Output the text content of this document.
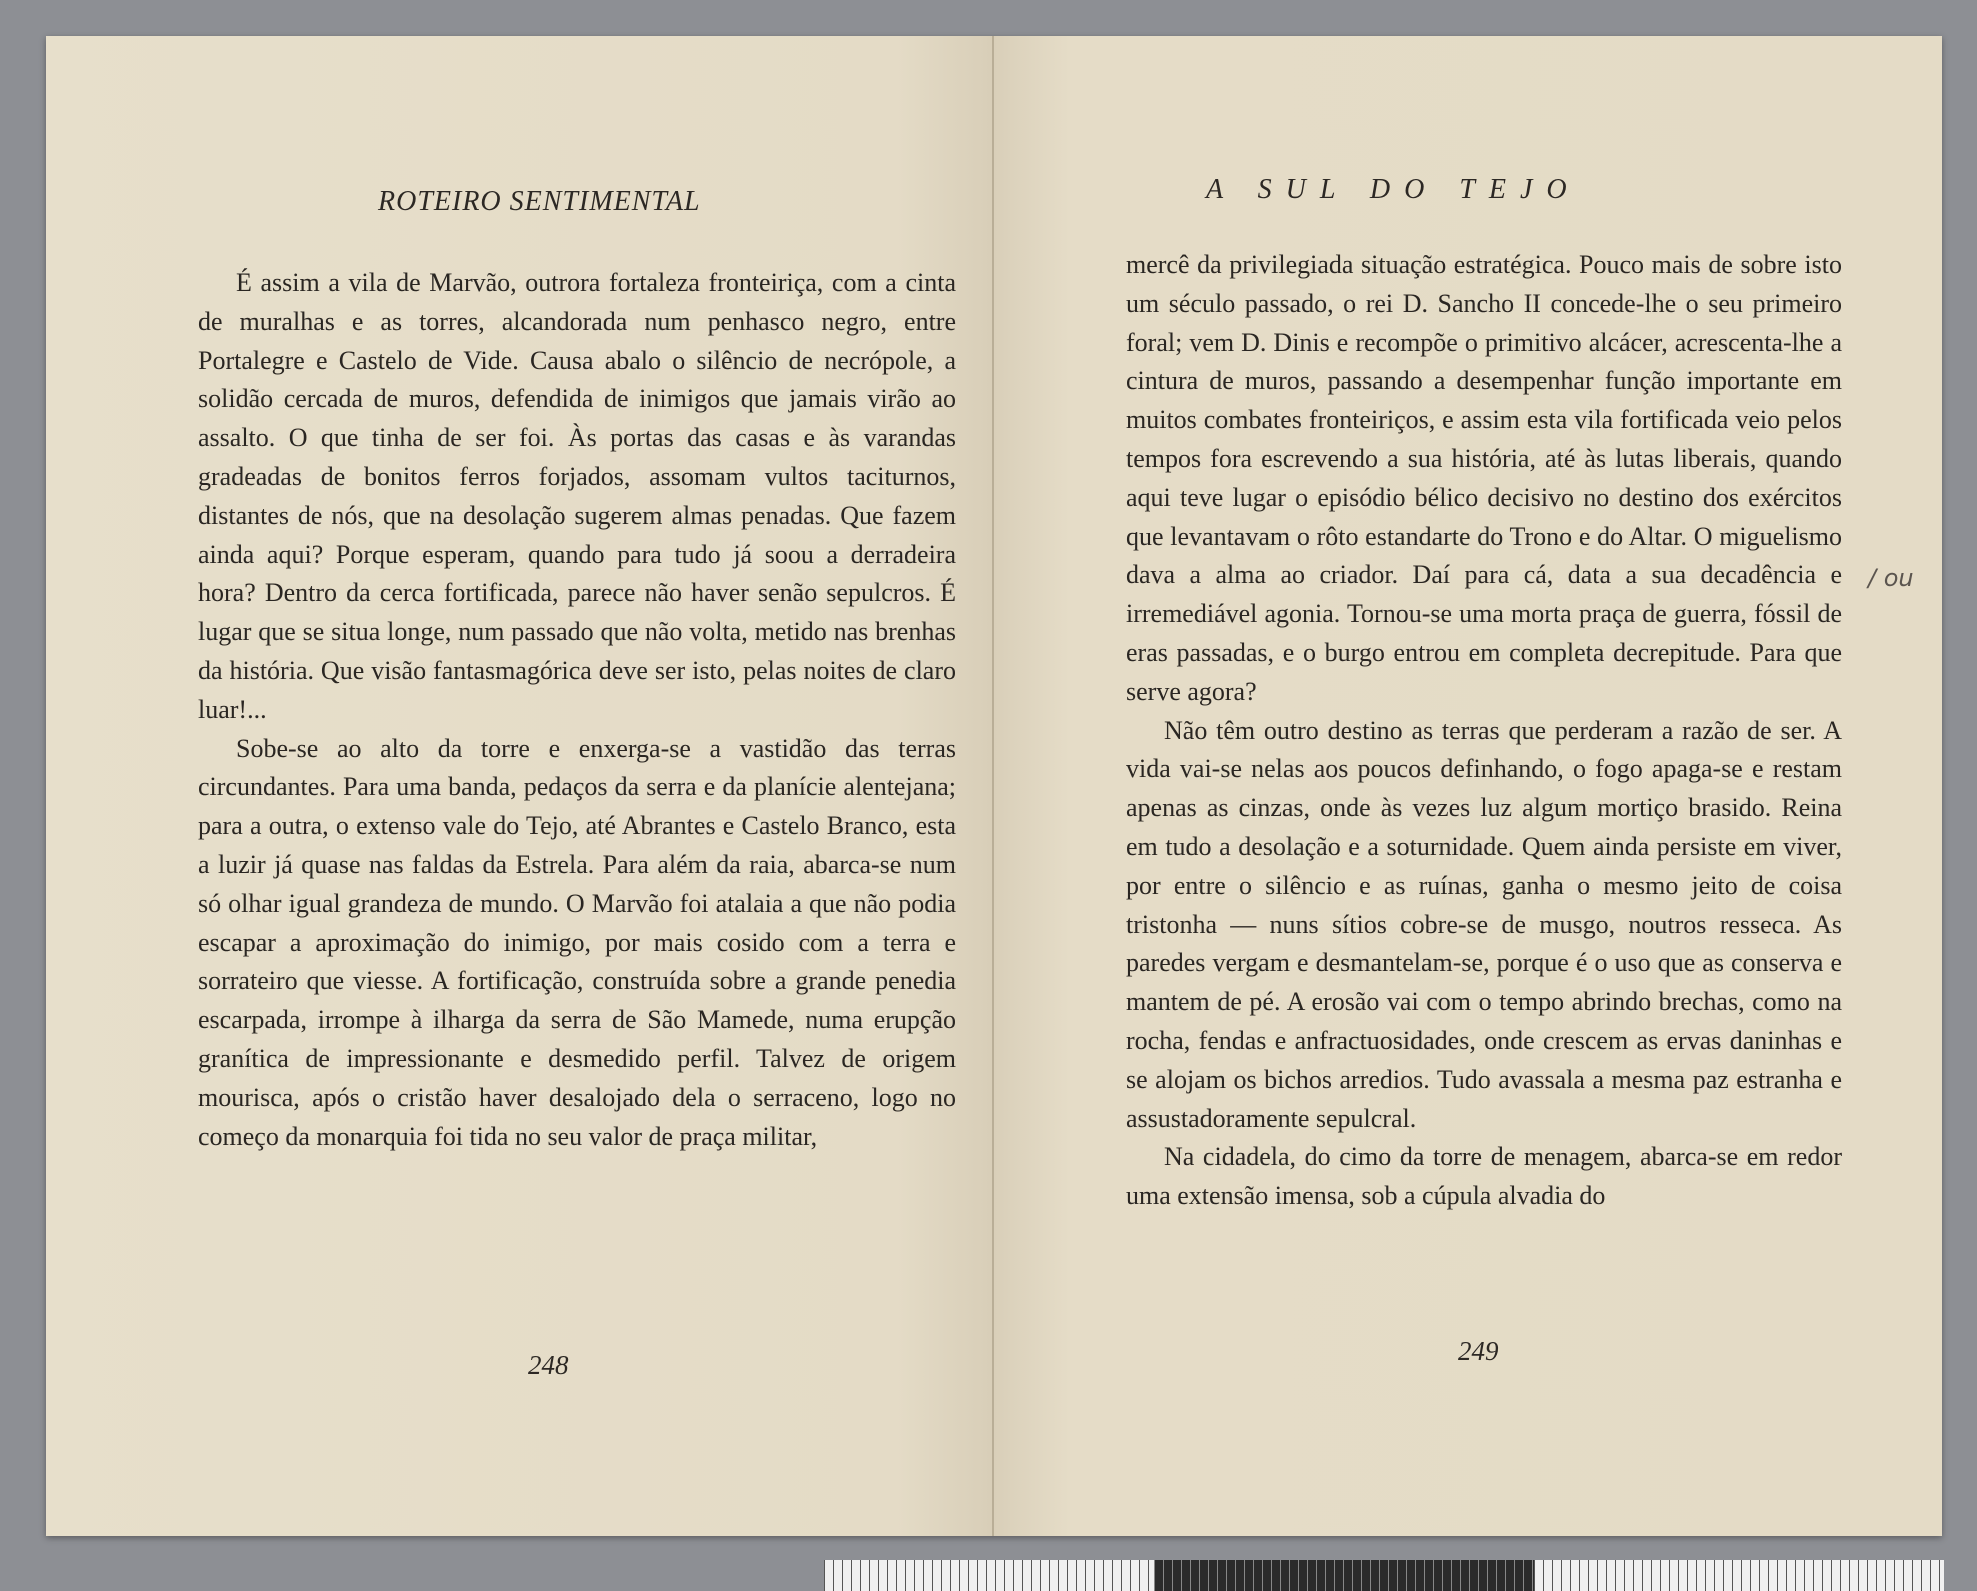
ROTEIRO SENTIMENTAL

É assim a vila de Marvão, outrora fortaleza fronteiriça, com a cinta de muralhas e as torres, alcandorada num penhasco negro, entre Portalegre e Castelo de Vide. Causa abalo o silêncio de necrópole, a solidão cercada de muros, defendida de inimigos que jamais virão ao assalto. O que tinha de ser foi. Às portas das casas e às varandas gradeadas de bonitos ferros forjados, assomam vultos taciturnos, distantes de nós, que na desolação sugerem almas penadas. Que fazem ainda aqui? Porque esperam, quando para tudo já soou a derradeira hora? Dentro da cerca fortificada, parece não haver senão sepulcros. É lugar que se situa longe, num passado que não volta, metido nas brenhas da história. Que visão fantasmagórica deve ser isto, pelas noites de claro luar!...

Sobe-se ao alto da torre e enxerga-se a vastidão das terras circundantes. Para uma banda, pedaços da serra e da planície alentejana; para a outra, o extenso vale do Tejo, até Abrantes e Castelo Branco, esta a luzir já quase nas faldas da Estrela. Para além da raia, abarca-se num só olhar igual grandeza de mundo. O Marvão foi atalaia a que não podia escapar a aproximação do inimigo, por mais cosido com a terra e sorrateiro que viesse. A fortificação, construída sobre a grande penedia escarpada, irrompe à ilharga da serra de São Mamede, numa erupção granítica de impressionante e desmedido perfil. Talvez de origem mourisca, após o cristão haver desalojado dela o serraceno, logo no começo da monarquia foi tida no seu valor de praça militar,

248
A SUL DO TEJO

mercê da privilegiada situação estratégica. Pouco mais de sobre isto um século passado, o rei D. Sancho II concede-lhe o seu primeiro foral; vem D. Dinis e recompõe o primitivo alcácer, acrescenta-lhe a cintura de muros, passando a desempenhar função importante em muitos combates fronteiriços, e assim esta vila fortificada veio pelos tempos fora escrevendo a sua história, até às lutas liberais, quando aqui teve lugar o episódio bélico decisivo no destino dos exércitos que levantavam o rôto estandarte do Trono e do Altar. O miguelismo dava a alma ao criador. Daí para cá, data a sua decadência e irremediável agonia. Tornou-se uma morta praça de guerra, fóssil de eras passadas, e o burgo entrou em completa decrepitude. Para que serve agora?

Não têm outro destino as terras que perderam a razão de ser. A vida vai-se nelas aos poucos definhando, o fogo apaga-se e restam apenas as cinzas, onde às vezes luz algum mortiço brasido. Reina em tudo a desolação e a soturnidade. Quem ainda persiste em viver, por entre o silêncio e as ruínas, ganha o mesmo jeito de coisa tristonha — nuns sítios cobre-se de musgo, noutros resseca. As paredes vergam e desmantelam-se, porque é o uso que as conserva e mantem de pé. A erosão vai com o tempo abrindo brechas, como na rocha, fendas e anfractuosidades, onde crescem as ervas daninhas e se alojam os bichos arredios. Tudo avassala a mesma paz estranha e assustadoramente sepulcral.

Na cidadela, do cimo da torre de menagem, abarca-se em redor uma extensão imensa, sob a cúpula alvadia do

249
/ ou
